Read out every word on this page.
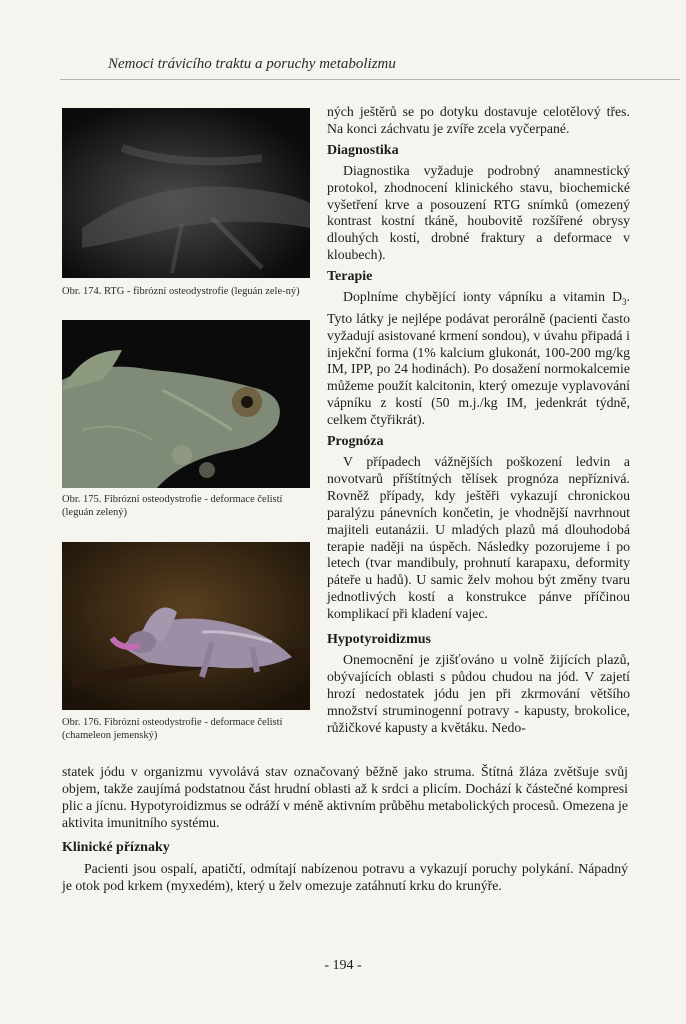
Nemoci trávicího traktu a poruchy metabolizmu
Obr. 174. RTG - fibrózní osteodystrofie (leguán zele-ný)
Obr. 175. Fibrózní osteodystrofie - deformace čelistí (leguán zelený)
Obr. 176. Fibrózní osteodystrofie - deformace čelistí (chameleon jemenský)

ných ještěrů se po dotyku dostavuje celotělový třes. Na konci záchvatu je zvíře zcela vyčerpané.

Diagnostika

Diagnostika vyžaduje podrobný anamnestický protokol, zhodnocení klinického stavu, biochemické vyšetření krve a posouzení RTG snímků (omezený kontrast kostní tkáně, houbovitě rozšířené obrysy dlouhých kostí, drobné fraktury a deformace v kloubech).

Terapie

Doplníme chybějící ionty vápníku a vitamin $D_3$. Tyto látky je nejlépe podávat perorálně (pacienti často vyžadují asistované krmení sondou), v úvahu připadá i injekční forma (1% kalcium glukonát, 100-200 mg/kg IM, IPP, po 24 hodinách). Po dosažení normokalcemie můžeme použít kalcitonin, který omezuje vyplavování vápníku z kostí (50 m.j./kg IM, jedenkrát týdně, celkem čtyřikrát).

Prognóza

V případech vážnějších poškození ledvin a novotvarů příštítných tělísek prognóza nepříznivá. Rovněž případy, kdy ještěři vykazují chronickou paralýzu pánevních končetin, je vhodnější navrhnout majiteli eutanázii. U mladých plazů má dlouhodobá terapie naději na úspěch. Následky pozorujeme i po letech (tvar mandibuly, prohnutí karapaxu, deformity páteře u hadů). U samic želv mohou být změny tvaru jednotlivých kostí a konstrukce pánve příčinou komplikací při kladení vajec.

Hypotyroidizmus

Onemocnění je zjišťováno u volně žijících plazů, obývajících oblasti s půdou chudou na jód. V zajetí hrozí nedostatek jódu jen při zkrmování většího množství struminogenní potravy - kapusty, brokolice, růžičkové kapusty a květáku. Nedo-

statek jódu v organizmu vyvolává stav označovaný běžně jako struma. Štítná žláza zvětšuje svůj objem, takže zaujímá podstatnou část hrudní oblasti až k srdci a plicím. Dochází k částečné kompresi plic a jícnu. Hypotyroidizmus se odráží v méně aktivním průběhu metabolických procesů. Omezena je aktivita imunitního systému.

Klinické příznaky

Pacienti jsou ospalí, apatičtí, odmítají nabízenou potravu a vykazují poruchy polykání. Nápadný je otok pod krkem (myxedém), který u želv omezuje zatáhnutí krku do krunýře.

- 194 -
